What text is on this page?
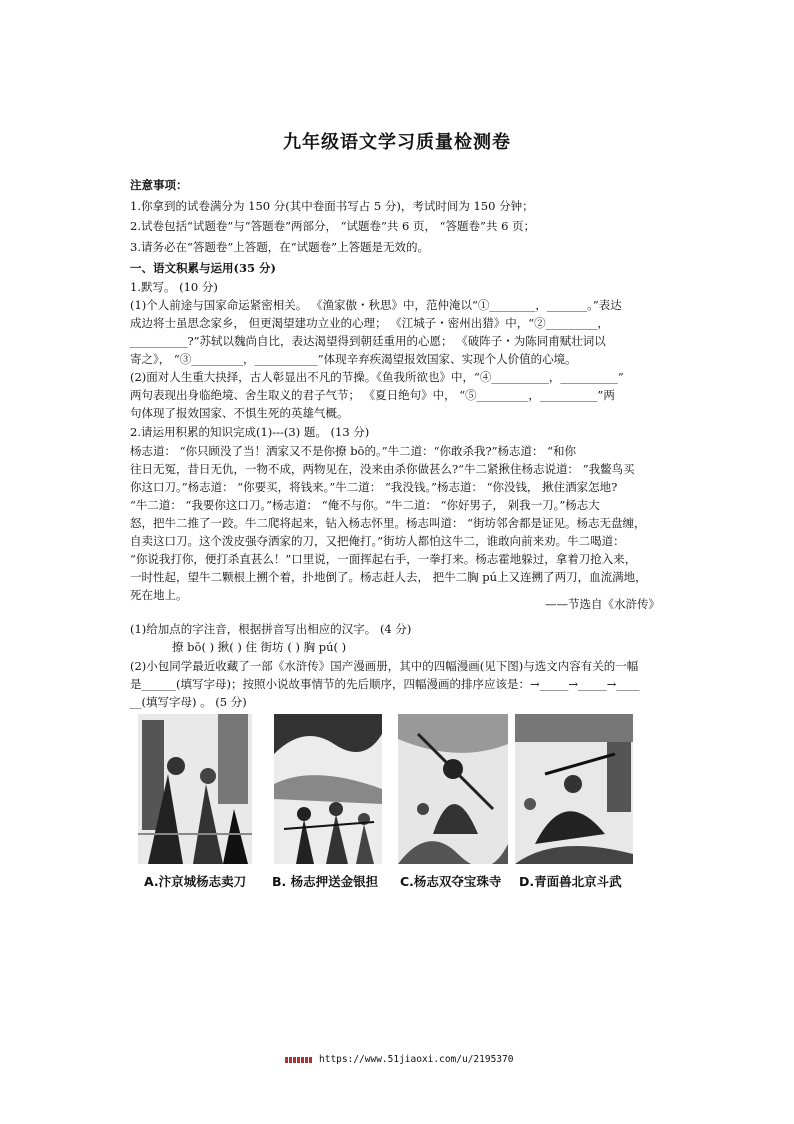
九年级语文学习质量检测卷
注意事项：
1.你拿到的试卷满分为 150 分(其中卷面书写占 5 分)，考试时间为 150 分钟；
2.试卷包括“试题卷”与“答题卷”两部分， “试题卷”共 6 页， “答题卷”共 6 页；
3.请务必在“答题卷”上答题，在“试题卷”上答题是无效的。
一、语文积累与运用(35 分)
1.默写。 (10 分)
(1)个人前途与国家命运紧密相关。 《渔家傲・秋思》中，范仲淹以“①________，_______。”表达
成边将士虽思念家乡， 但更渴望建功立业的心理； 《江城子・密州出猎》中，“②_________，
__________?”苏轼以魏尚自比，表达渴望得到朝廷重用的心愿； 《破阵子・为陈同甫赋壮词以
寄之》， “③_________，___________”体现辛弃疾渴望报效国家、实现个人价值的心境。
(2)面对人生重大抉择，古人彰显出不凡的节操。《鱼我所欲也》中，“④__________，__________”
两句表现出身临绝境、舍生取义的君子气节； 《夏日绝句》中， “⑤_________，__________”两
句体现了报效国家、不惧生死的英雄气概。
2.请运用积累的知识完成(1)---(3) 题。 (13 分)
杨志道： “你只顾没了当！洒家又不是你撩 bō的。”牛二道：“你敢杀我?”杨志道： “和你
往日无冤，昔日无仇，一物不成，两物见在，没来由杀你做甚么?“牛二紧揪住杨志说道： ”我鳖鸟买
你这口刀。”杨志道： “你要买，将钱来。”牛二道： “我没钱。”杨志道： “你没钱， 揪住洒家怎地?
“牛二道： “我要你这口刀。”杨志道： “俺不与你。“牛二道： “你好男子， 剁我一刀。”杨志大
怒，把牛二推了一跤。牛二爬将起来，钻入杨志怀里。杨志叫道： “街坊邻舍都是证见。杨志无盘缠，
自卖这口刀。这个泼皮强夺洒家的刀，又把俺打。”街坊人都怕这牛二，谁敢向前来劝。牛二喝道：
“你说我打你，便打杀直甚么！”口里说，一面挥起右手，一拳打来。杨志霍地躲过，拿着刀抢入来，
一时性起，望牛二颗根上搠个着，扑地倒了。杨志赶人去， 把牛二胸 pú上又连搠了两刀，血流满地，
死在地上。
——节选自《水浒传》
(1)给加点的字注音，根据拼音写出相应的汉字。 (4 分)
撩 bō( ) 揪( ) 住 街坊 ( ) 胸 pú( )
(2)小包同学最近收藏了一部《水浒传》国产漫画册，其中的四幅漫画(见下图)与选文内容有关的一幅
是______(填写字母)；按照小说故事情节的先后顺序，四幅漫画的排序应该是：→_____→_____→____
__(填写字母) 。 (5 分)
A.汴京城杨志卖刀 B. 杨志押送金银担 C.杨志双夺宝珠寺 D.青面兽北京斗武
https://www.51jiaoxi.com/u/2195370
